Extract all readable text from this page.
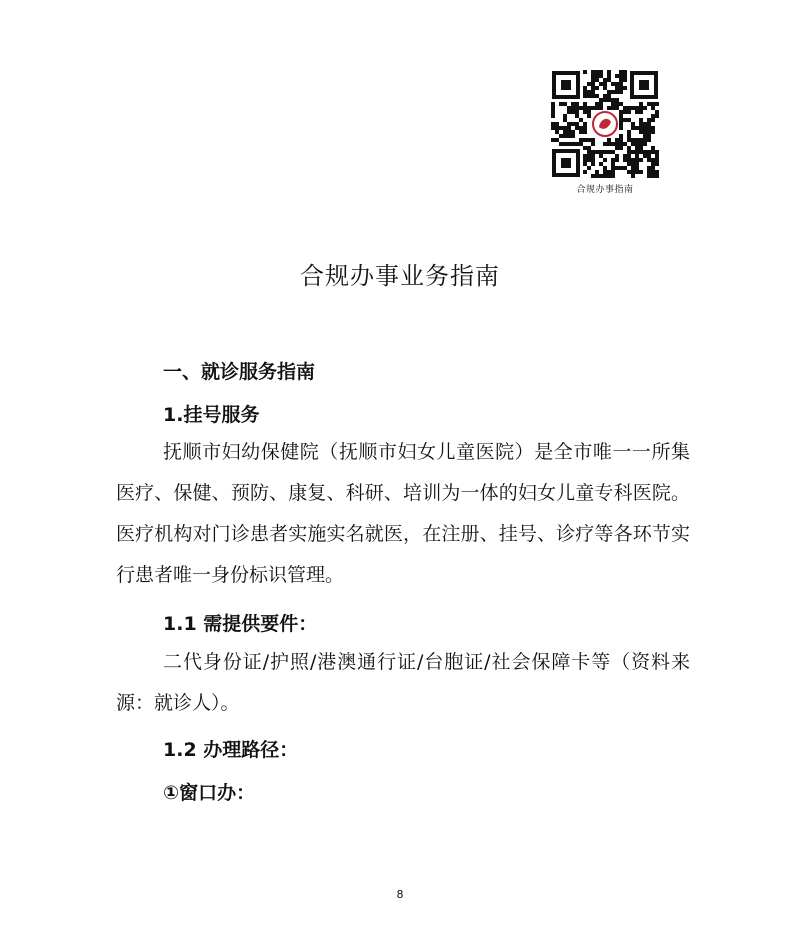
合规办事指南
合规办事业务指南
一、就诊服务指南
1.挂号服务

抚顺市妇幼保健院（抚顺市妇女儿童医院）是全市唯一一所集医疗、保健、预防、康复、科研、培训为一体的妇女儿童专科医院。医疗机构对门诊患者实施实名就医，在注册、挂号、诊疗等各环节实行患者唯一身份标识管理。

1.1 需提供要件：

二代身份证/护照/港澳通行证/台胞证/社会保障卡等（资料来源：就诊人）。

1.2 办理路径：
①窗口办：
8
